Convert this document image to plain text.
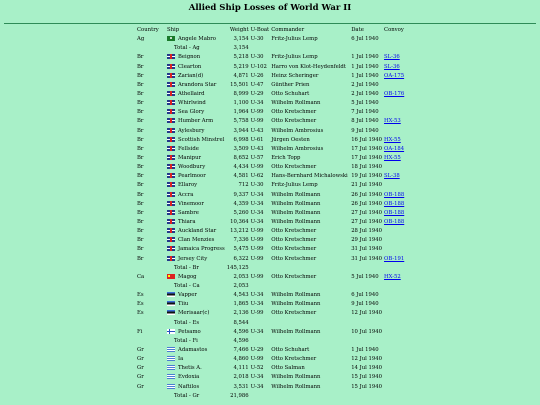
Allied Ship Losses of World War II
Country	Ship	Weight	U-Boat	Commander	Date	Convoy
Ag	Angele Mabro	3,154	U-30	Fritz-Julius Lemp	6 Jul 1940	
	Total - Ag	3,154				
Br	Beignon	5,218	U-30	Fritz-Julius Lemp	1 Jul 1940	SL-36
Br	Clearton	5,219	U-102	Harro von Klot-Heydenfeldt	1 Jul 1940	SL-36
Br	Zarian(d)	4,871	U-26	Heinz Scheringer	1 Jul 1940	OA-175
Br	Arandora Star	15,501	U-47	Günther Prien	2 Jul 1940	
Br	Athellaird	8,999	U-29	Otto Schuhart	2 Jul 1940	OB-176
Br	Whirlwind	1,100	U-34	Wilhelm Rollmann	5 Jul 1940	
Br	Sea Glory	1,964	U-99	Otto Kretschmer	7 Jul 1940	
Br	Humber Arm	5,758	U-99	Otto Kretschmer	8 Jul 1940	HX-53
Br	Aylesbury	3,944	U-43	Wilhelm Ambrosius	9 Jul 1940	
Br	Scottish Minstrel	6,998	U-61	Jürgen Oesten	16 Jul 1940	HX-55
Br	Fellside	3,509	U-43	Wilhelm Ambrosius	17 Jul 1940	OA-184
Br	Manipur	8,652	U-57	Erich Topp	17 Jul 1940	HX-55
Br	Woodbury	4,434	U-99	Otto Kretschmer	18 Jul 1940	
Br	Pearlmoor	4,581	U-62	Hans-Bernhard Michalowski	19 Jul 1940	SL-38
Br	Ellaroy	712	U-30	Fritz-Julius Lemp	21 Jul 1940	
Br	Accra	9,337	U-34	Wilhelm Rollmann	26 Jul 1940	OB-188
Br	Vinemoor	4,359	U-34	Wilhelm Rollmann	26 Jul 1940	OB-188
Br	Sambre	5,260	U-34	Wilhelm Rollmann	27 Jul 1940	OB-188
Br	Thiara	10,364	U-34	Wilhelm Rollmann	27 Jul 1940	OB-188
Br	Auckland Star	13,212	U-99	Otto Kretschmer	28 Jul 1940	
Br	Clan Menzies	7,336	U-99	Otto Kretschmer	29 Jul 1940	
Br	Jamaica Progress	5,475	U-99	Otto Kretschmer	31 Jul 1940	
Br	Jersey City	6,322	U-99	Otto Kretschmer	31 Jul 1940	OB-191
	Total - Br	145,125				
Ca	Magog	2,053	U-99	Otto Kretschmer	5 Jul 1940	HX-52
	Total - Ca	2,053				
Es	Vapper	4,543	U-34	Wilhelm Rollmann	6 Jul 1940	
Es	Tiiu	1,865	U-34	Wilhelm Rollmann	9 Jul 1940	
Es	Merisaar(c)	2,136	U-99	Otto Kretschmer	12 Jul 1940	
	Total - Es	8,544				
Fi	Petsamo	4,596	U-34	Wilhelm Rollmann	10 Jul 1940	
	Total - Fi	4,596				
Gr	Adamastos	7,466	U-29	Otto Schuhart	1 Jul 1940	
Gr	Ia	4,860	U-99	Otto Kretschmer	12 Jul 1940	
Gr	Thetis A.	4,111	U-52	Otto Salman	14 Jul 1940	
Gr	Evdoxia	2,018	U-34	Wilhelm Rollmann	15 Jul 1940	
Gr	Naftilos	3,531	U-34	Wilhelm Rollmann	15 Jul 1940	
	Total - Gr	21,986				
